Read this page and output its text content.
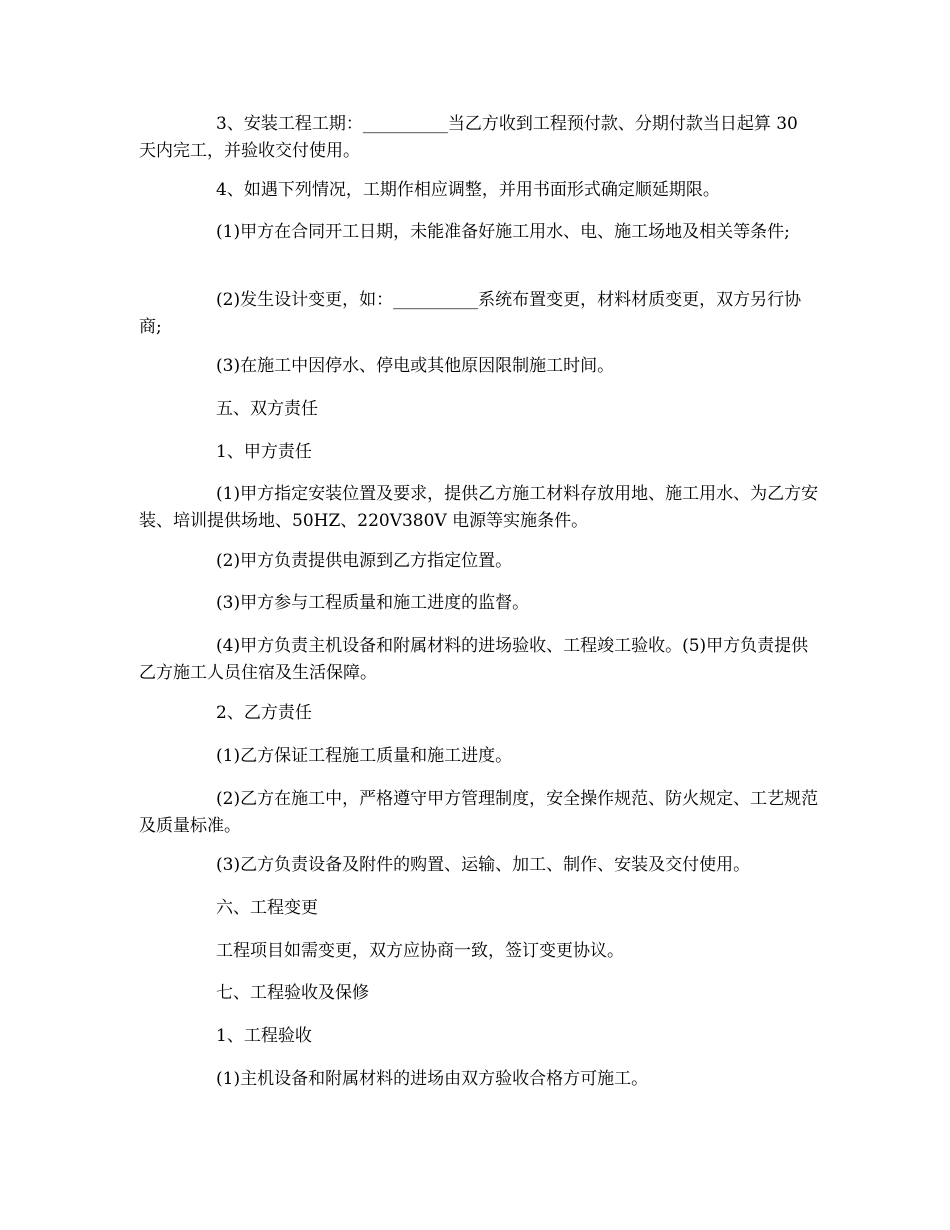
3、安装工程工期：__________当乙方收到工程预付款、分期付款当日起算 30 天内完工，并验收交付使用。

4、如遇下列情况，工期作相应调整，并用书面形式确定顺延期限。

(1)甲方在合同开工日期，未能准备好施工用水、电、施工场地及相关等条件;

(2)发生设计变更，如：__________系统布置变更，材料材质变更，双方另行协商;

(3)在施工中因停水、停电或其他原因限制施工时间。

五、双方责任

1、甲方责任

(1)甲方指定安装位置及要求，提供乙方施工材料存放用地、施工用水、为乙方安装、培训提供场地、50HZ、220V380V 电源等实施条件。

(2)甲方负责提供电源到乙方指定位置。

(3)甲方参与工程质量和施工进度的监督。

(4)甲方负责主机设备和附属材料的进场验收、工程竣工验收。(5)甲方负责提供乙方施工人员住宿及生活保障。

2、乙方责任

(1)乙方保证工程施工质量和施工进度。

(2)乙方在施工中，严格遵守甲方管理制度，安全操作规范、防火规定、工艺规范及质量标准。

(3)乙方负责设备及附件的购置、运输、加工、制作、安装及交付使用。

六、工程变更

工程项目如需变更，双方应协商一致，签订变更协议。

七、工程验收及保修

1、工程验收

(1)主机设备和附属材料的进场由双方验收合格方可施工。
